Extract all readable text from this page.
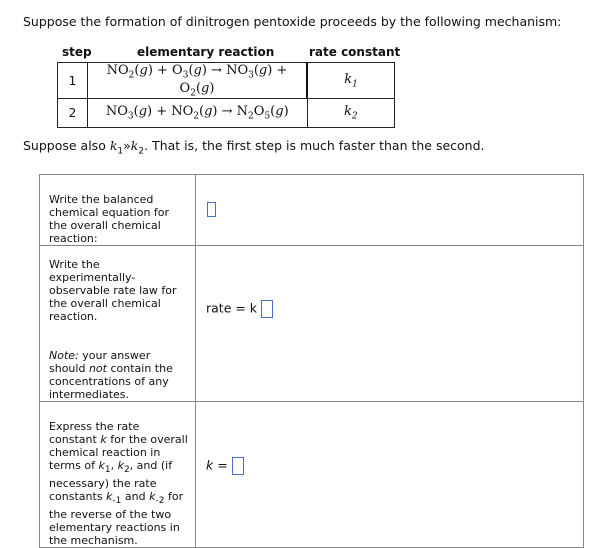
Suppose the formation of dinitrogen pentoxide proceeds by the following mechanism:
step	elementary reaction	rate constant
1	$NO_2(g) + O_3(g) \to NO_3(g) + O_2(g)$	$k_1$
2	$NO_3(g) + NO_2(g) \to N_2O_5(g)$	$k_2$
Suppose also $k_1»k_2$. That is, the first step is much faster than the second.
Write the balanced chemical equation for the overall chemical reaction:	

Write the experimentally-observable rate law for the overall chemical reaction.
Note: your answer should not contain the concentrations of any intermediates.	rate = k

Express the rate constant k for the overall chemical reaction in terms of $k_1$, $k_2$, and (if necessary) the rate constants $k_{-1}$ and $k_{-2}$ for the reverse of the two elementary reactions in the mechanism.	k =
